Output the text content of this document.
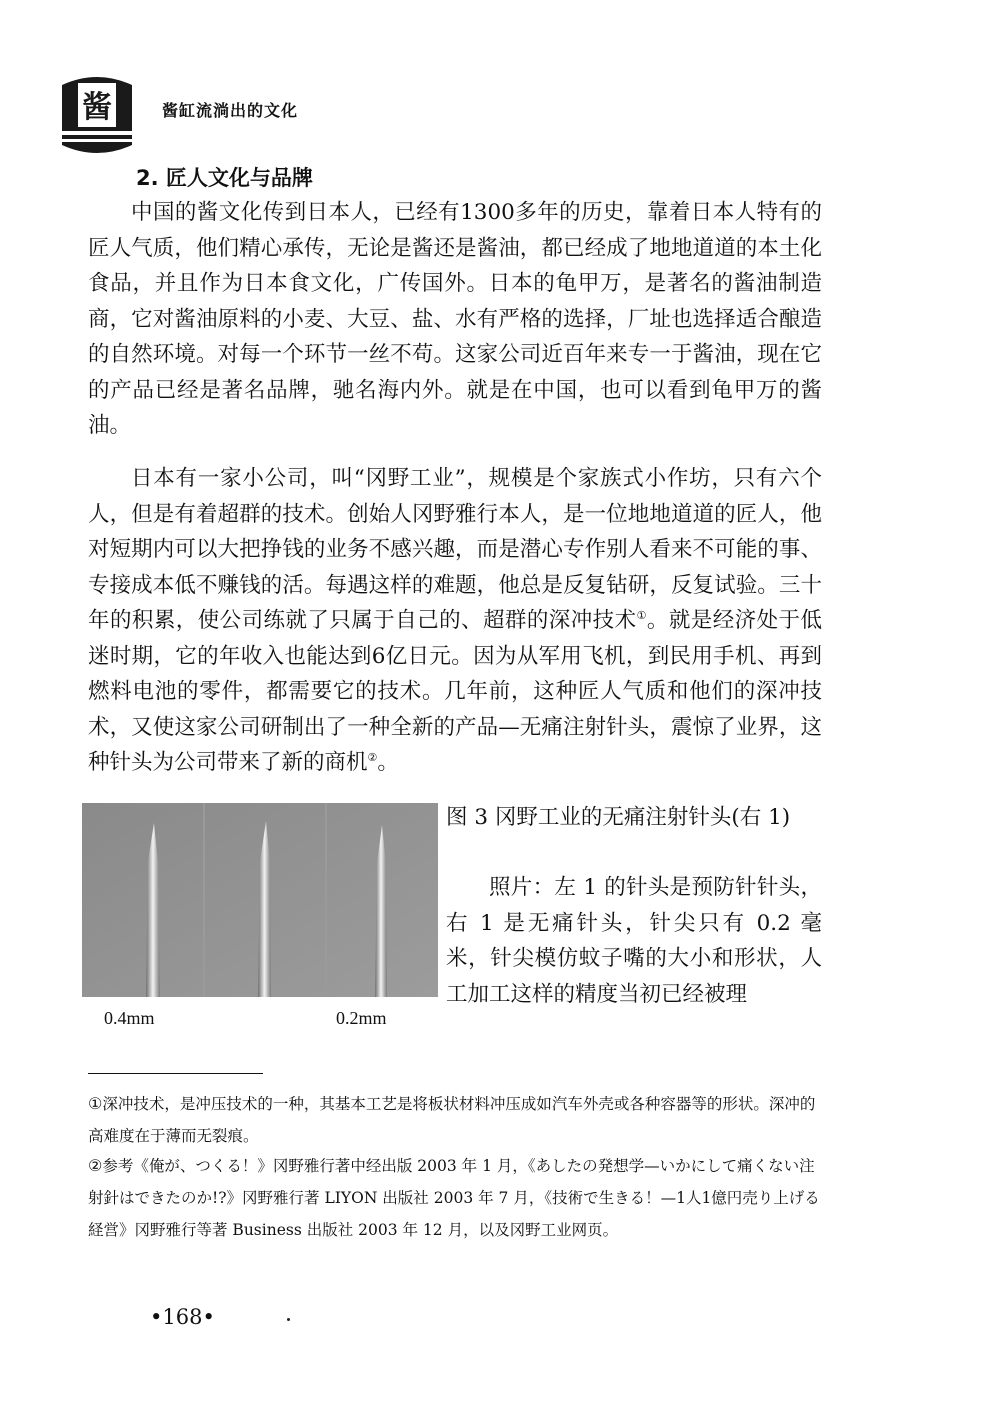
酱	酱缸流淌出的文化
2. 匠人文化与品牌

中国的酱文化传到日本人，已经有1300多年的历史，靠着日本人特有的匠人气质，他们精心承传，无论是酱还是酱油，都已经成了地地道道的本土化食品，并且作为日本食文化，广传国外。日本的龟甲万，是著名的酱油制造商，它对酱油原料的小麦、大豆、盐、水有严格的选择，厂址也选择适合酿造的自然环境。对每一个环节一丝不苟。这家公司近百年来专一于酱油，现在它的产品已经是著名品牌，驰名海内外。就是在中国，也可以看到龟甲万的酱油。

日本有一家小公司，叫“冈野工业”，规模是个家族式小作坊，只有六个人，但是有着超群的技术。创始人冈野雅行本人，是一位地地道道的匠人，他对短期内可以大把挣钱的业务不感兴趣，而是潜心专作别人看来不可能的事、专接成本低不赚钱的活。每遇这样的难题，他总是反复钻研，反复试验。三十年的积累，使公司练就了只属于自己的、超群的深冲技术①。就是经济处于低迷时期，它的年收入也能达到6亿日元。因为从军用飞机，到民用手机、再到燃料电池的零件，都需要它的技术。几年前，这种匠人气质和他们的深冲技术，又使这家公司研制出了一种全新的产品—无痛注射针头，震惊了业界，这种针头为公司带来了新的商机②。

0.4mm	0.2mm

图 3 冈野工业的无痛注射针头(右 1)

照片：左 1 的针头是预防针针头，右 1 是无痛针头，针尖只有 0.2 毫米，针尖模仿蚊子嘴的大小和形状，人工加工这样的精度当初已经被理

①深冲技术，是冲压技术的一种，其基本工艺是将板状材料冲压成如汽车外壳或各种容器等的形状。深冲的高难度在于薄而无裂痕。

②参考《俺が、つくる！》冈野雅行著中经出版 2003 年 1 月，《あしたの発想学—いかにして痛くない注射針はできたのか!?》冈野雅行著 LIYON 出版社 2003 年 7 月，《技術で生きる！—1人1億円売り上げる経営》冈野雅行等著 Business 出版社 2003 年 12 月，以及冈野工业网页。

•168•
